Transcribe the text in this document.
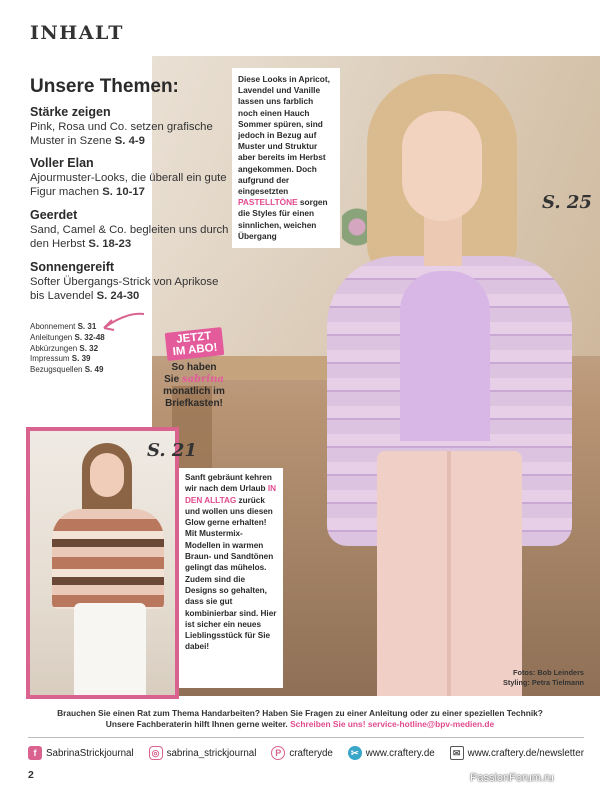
INHALT
S. 25
Diese Looks in Apricot, Lavendel und Vanille lassen uns farblich noch einen Hauch Sommer spüren, sind jedoch in Bezug auf Muster und Struktur aber bereits im Herbst angekommen. Doch aufgrund der eingesetzten PASTELLTÖNE sorgen die Styles für einen sinnlichen, weichen Übergang
Unsere Themen:
Stärke zeigen
Pink, Rosa und Co. setzen grafische Muster in Szene S. 4-9
Voller Elan
Ajourmuster-Looks, die überall ein gute Figur machen S. 10-17
Geerdet
Sand, Camel & Co. begleiten uns durch den Herbst S. 18-23
Sonnengereift
Softer Übergangs-Strick von Aprikose bis Lavendel S. 24-30
Abonnement S. 31
Anleitungen S. 32-48
Abkürzungen S. 32
Impressum S. 39
Bezugsquellen S. 49
JETZT
IM ABO!
So haben
Sie sabrina
monatlich im
Briefkasten!
S. 21
Sanft gebräunt kehren wir nach dem Urlaub IN DEN ALLTAG zurück und wollen uns diesen Glow gerne erhalten! Mit Mustermix-Modellen in warmen Braun- und Sandtönen gelingt das mühelos. Zudem sind die Designs so gehalten, dass sie gut kombinierbar sind. Hier ist sicher ein neues Lieblingsstück für Sie dabei!
Fotos: Bob Leinders
Styling: Petra Tielmann
Brauchen Sie einen Rat zum Thema Handarbeiten? Haben Sie Fragen zu einer Anleitung oder zu einer speziellen Technik?
Unsere Fachberaterin hilft Ihnen gerne weiter. Schreiben Sie uns! service-hotline@bpv-medien.de
f SabrinaStrickjournal	◎ sabrina_strickjournal	P crafteryde	✂ www.craftery.de	✉ www.craftery.de/newsletter
2	PassionForum.ru
